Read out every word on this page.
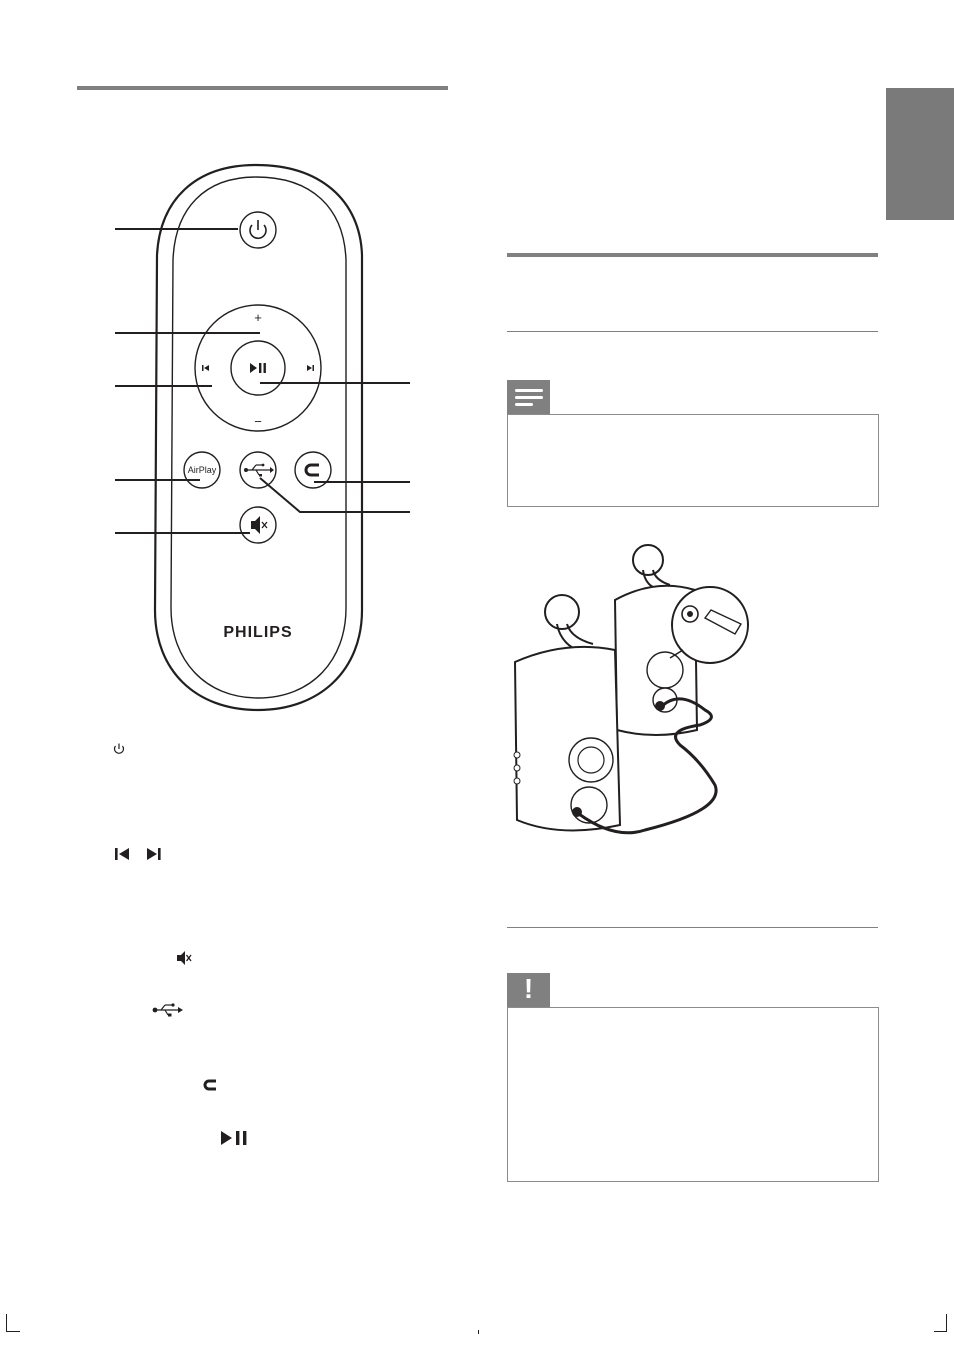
+
−
AirPlay
PHILIPS
!
